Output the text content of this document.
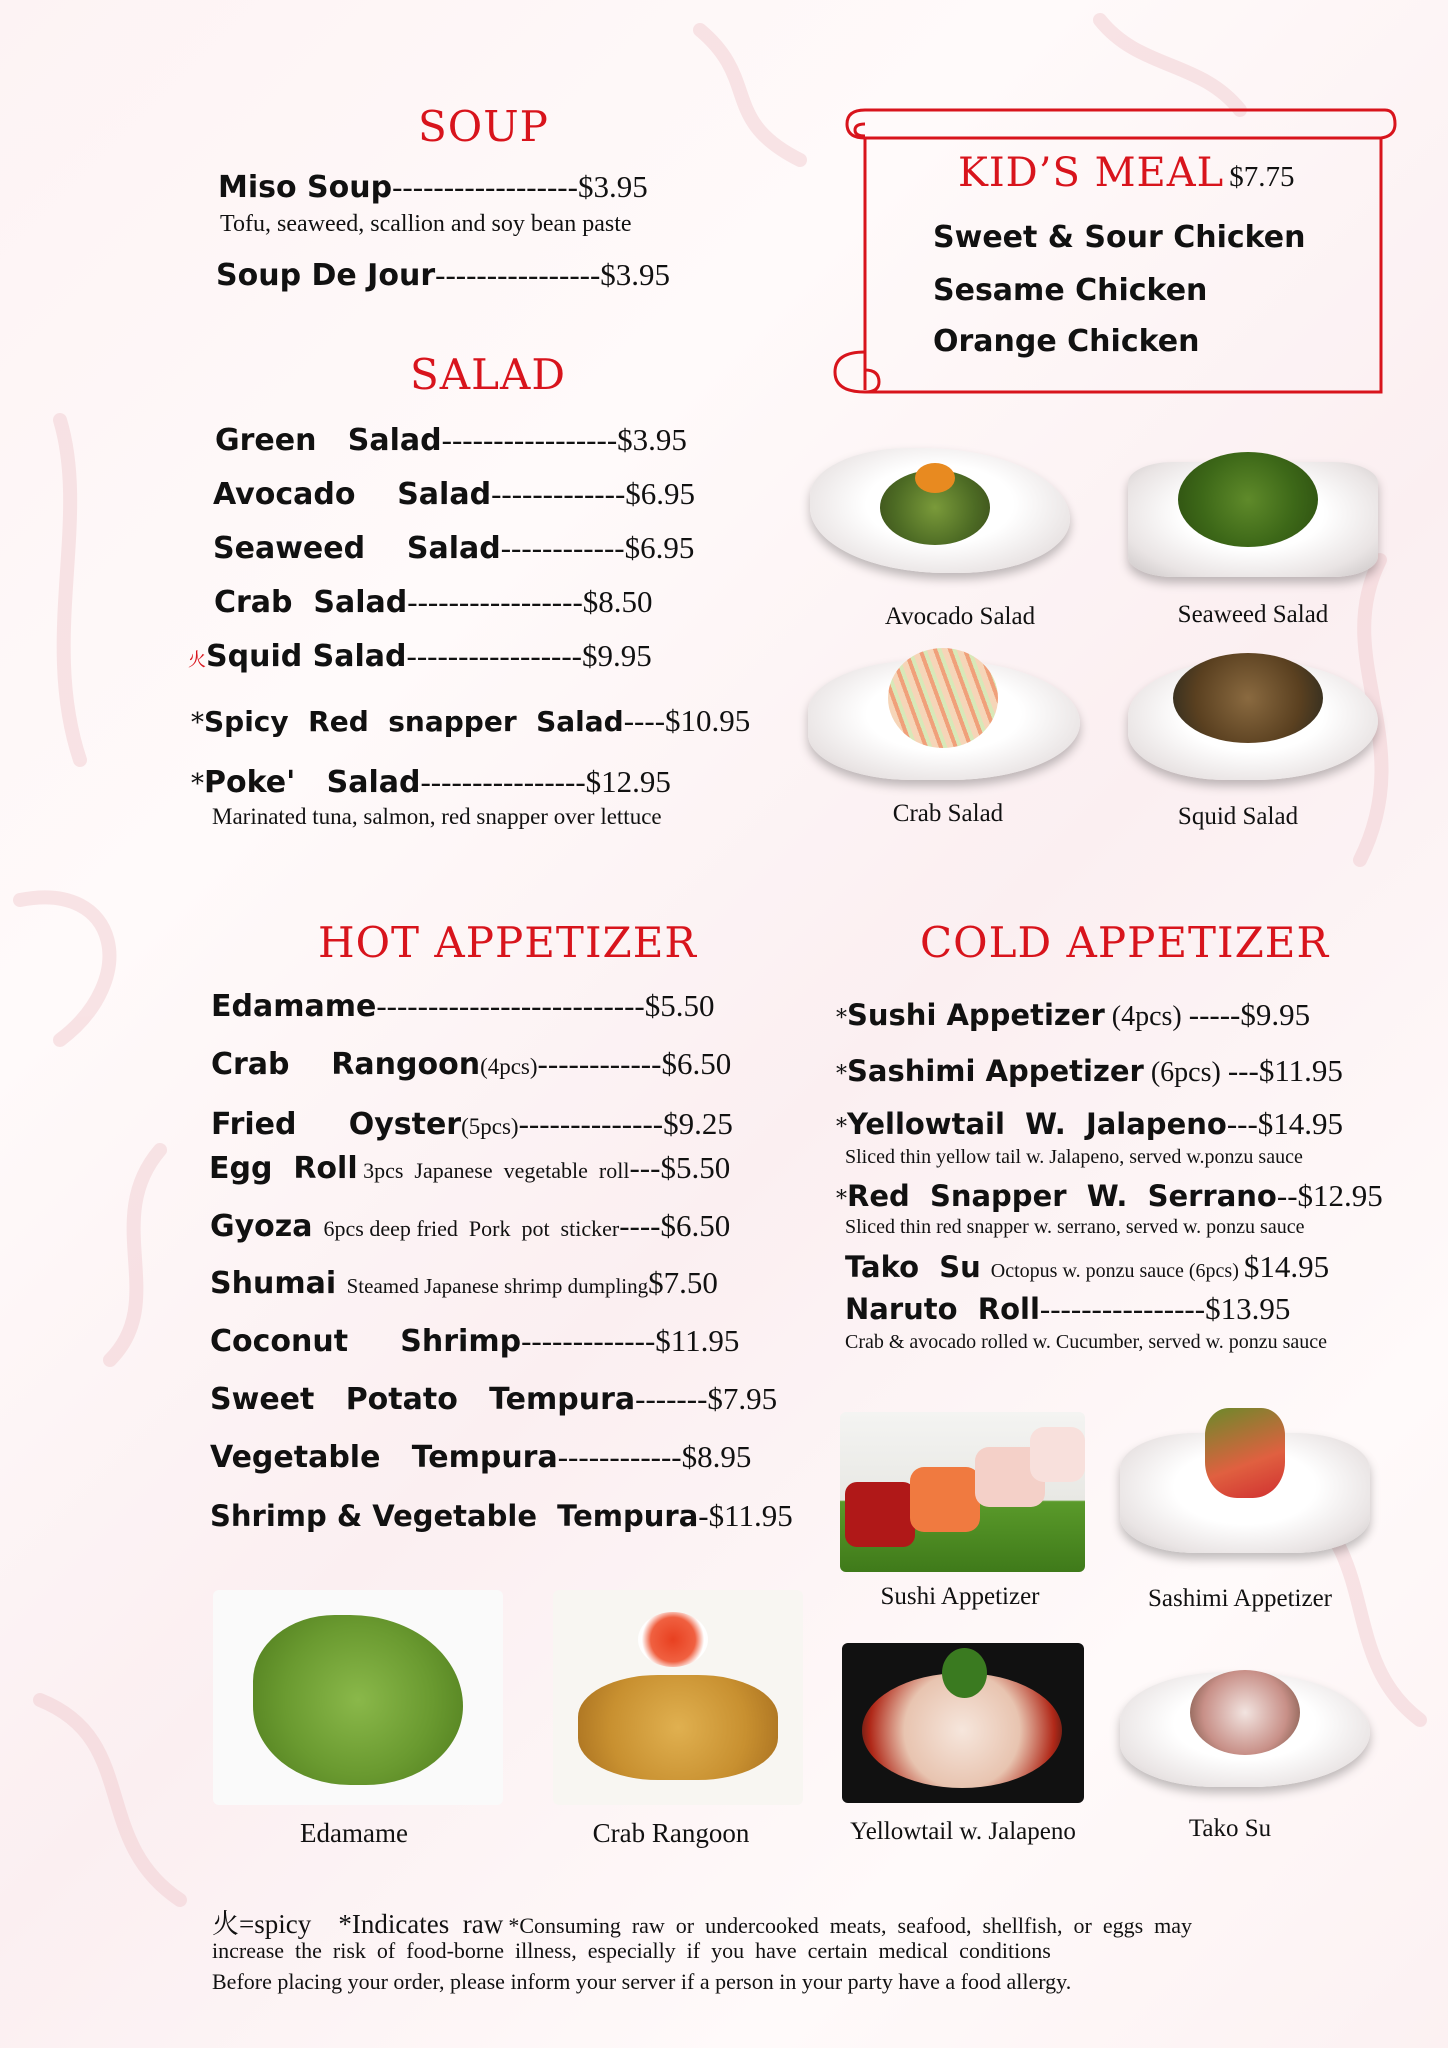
SOUP
Miso Soup------------------$3.95
Tofu, seaweed, scallion and soy bean paste
Soup De Jour----------------$3.95
KID’S MEAL $7.75
Sweet & Sour Chicken
Sesame Chicken
Orange Chicken
SALAD
Green   Salad-----------------$3.95
Avocado    Salad-------------$6.95
Seaweed    Salad------------$6.95
Crab  Salad-----------------$8.50
火Squid Salad-----------------$9.95
*Spicy  Red  snapper  Salad----$10.95
*Poke'   Salad----------------$12.95
Marinated tuna, salmon, red snapper over lettuce
Avocado Salad	Seaweed Salad
Crab Salad	Squid Salad
HOT APPETIZER
Edamame--------------------------$5.50
Crab    Rangoon(4pcs)------------$6.50
Fried     Oyster(5pcs)--------------$9.25
Egg  Roll 3pcs  Japanese  vegetable  roll---$5.50
Gyoza  6pcs deep fried  Pork  pot  sticker----$6.50
Shumai  Steamed Japanese shrimp dumpling$7.50
Coconut     Shrimp-------------$11.95
Sweet   Potato   Tempura-------$7.95
Vegetable   Tempura------------$8.95
Shrimp & Vegetable  Tempura-$11.95
Edamame	Crab Rangoon
COLD APPETIZER
*Sushi Appetizer (4pcs) -----$9.95
*Sashimi Appetizer (6pcs) ---$11.95
*Yellowtail  W.  Jalapeno---$14.95
Sliced thin yellow tail w. Jalapeno, served w.ponzu sauce
*Red  Snapper  W.  Serrano--$12.95
Sliced thin red snapper w. serrano, served w. ponzu sauce
Tako  Su  Octopus w. ponzu sauce (6pcs) $14.95
Naruto  Roll----------------$13.95
Crab & avocado rolled w. Cucumber, served w. ponzu sauce
Sushi Appetizer	Sashimi Appetizer
Yellowtail w. Jalapeno	Tako Su
火=spicy *Indicates  raw *Consuming  raw  or  undercooked  meats,  seafood,  shellfish,  or  eggs  may
increase  the  risk  of  food-borne  illness,  especially  if  you  have  certain  medical  conditions
Before placing your order, please inform your server if a person in your party have a food allergy.
